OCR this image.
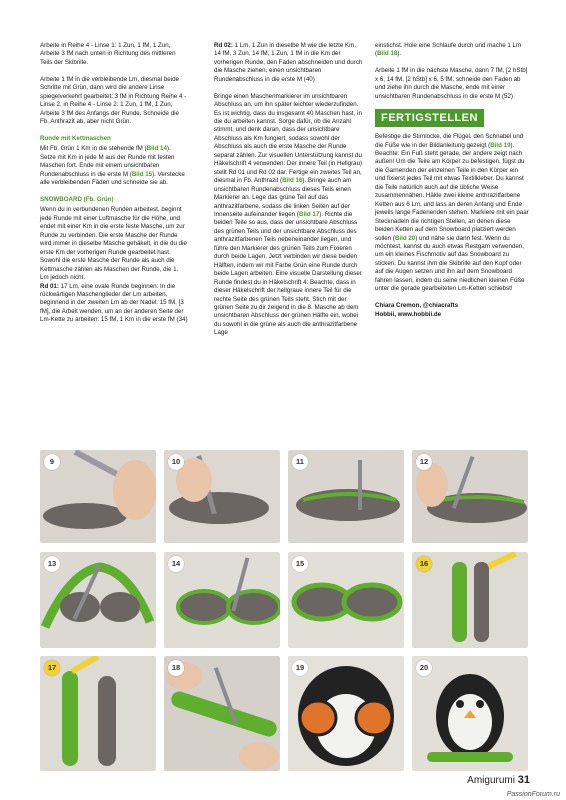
Arbeite in Reihe 4 - Linse 1: 1 Zun, 1 fM, 1 Zun, Arbeite 3 fM nach unten in Richtung des mittleren Teils der Skibrille.

Arbeite 1 fM in die verbleibende Lm, diesmal beide Schritte mit Grün, dann wird die andere Linse spiegelverkehrt gearbeitet: 3 fM in Richtung Reihe 4 - Linse 2, in Reihe 4 - Linse 2: 1 Zun, 1 fM, 1 Zun, Arbeite 3 fM des Anfangs der Runde. Schneide die Fb. Anthrazit ab, aber nicht Grün.

Runde mit Kettmaschen

Mit Fb. Grün 1 Km in die stehende fM (Bild 14). Setze mit Km in jede M aus der Runde mit festen Maschen fort. Ende mit einem unsichtbaren Rundenabschluss in die erste M (Bild 15). Verstecke alle verbleibenden Fäden und schneide sie ab.

SNOWBOARD (Fb. Grün)

Wenn du in verbundenen Runden arbeitest, beginnt jede Runde mit einer Luftmasche für die Höhe, und endet mit einer Km in die erste feste Masche, um zur Runde zu verbinden. Die erste Masche der Runde wird immer in dieselbe Masche gehäkelt, in die du die erste Km der vorherigen Runde gearbeitet hast. Sowohl die erste Masche der Runde als auch die Kettmasche zählen als Maschen der Runde, die 1. Lm jedoch nicht.

Rd 01: 17 Lm, eine ovale Runde beginnen: In die rückwärtigen Maschenglieder der Lm arbeiten, beginnend in der zweiten Lm ab der Nadel: 15 fM, [3 fM], die Arbeit wenden, um an der anderen Seite der Lm-Kette zu arbeiten: 15 fM, 1 Km in die erste fM (34)

Rd 02: 1 Lm, 1 Zun in dieselbe M wie die letzte Km, 14 fM, 3 Zun, 14 fM, 1 Zun, 1 fM in die Km der vorherigen Runde, den Faden abschneiden und durch die Masche ziehen, einen unsichtbaren Rundenabschluss in die erste M (40)

Bringe einen Maschenmarkierer im unsichtbaren Abschluss an, um ihn später leichter wiederzufinden. Es ist wichtig, dass du insgesamt 40 Maschen hast, in die du arbeiten kannst. Sorge dafür, ob die Anzahl stimmt, und denk daran, dass der unsichtbare Abschluss als Km fungiert, sodass sowohl der Abschluss als auch die erste Masche der Runde separat zählen. Zur visuellen Unterstützung kannst du Häkelschrift 4 verwenden: Der innere Teil (in Hellgrau) stellt Rd 01 und Rd 02 dar. Fertige ein zweites Teil an, diesmal in Fb. Anthrazit (Bild 16). Bringe auch am unsichtbaren Rundenabschluss dieses Teils einen Markierer an. Lege das grüne Teil auf das anthrazitfarbene, sodass die linken Seiten auf der Innenseite aufeinander liegen (Bild 17). Richte die beiden Teile so aus, dass der unsichtbare Abschluss des grünen Teils und der unsichtbare Abschluss des anthrazitfarbenen Teils nebeneinander liegen, und führe den Markierer des grünen Teils zum Fixieren durch beide Lagen. Jetzt verbinden wir diese beiden Hälften, indem wir mit Farbe Grün eine Runde durch beide Lagen arbeiten. Eine visuelle Darstellung dieser Runde findest du in Häkelschrift 4: Beachte, dass in dieser Häkelschrift der hellgraue innere Teil für die rechte Seite des grünen Teils steht. Stich mit der grünen Seite zu dir zeigend in die 8. Masche ab dem unsichtbaren Abschluss der grünen Hälfte ein, wobei du sowohl in die grüne als auch die anthrazitfarbene Lage

einstichst. Hole eine Schlaufe durch und mache 1 Lm (Bild 18).

Arbeite 1 fM in die nächste Masche, dann 7 fM, [2 hStb] x 6, 14 fM, [2 hStb] x 6, 5 fM, schneide den Faden ab und ziehe ihn durch die Masche, ende mit einer unsichtbaren Rundenabschluss in die erste M (52)

FERTIGSTELLEN

Befestige die Stirnlocke, die Flügel, den Schnabel und die Füße wie in der Bildanleitung gezeigt (Bild 19). Beachte: Ein Fuß steht gerade, der andere zeigt nach außen! Um die Teile am Körper zu befestigen, fügst du die Garnenden der einzelnen Teile in den Körper ein und fixierst jedes Teil mit etwas Textilkleber. Du kannst die Teile natürlich auch auf die übliche Weise zusammennähen. Häkle zwei kleine anthrazitfarbene Ketten aus 6 Lm, und lass an deren Anfang und Ende jeweils lange Fadenenden stehen. Markiere mit ein paar Stecknadeln die richtigen Stellen, an denen diese beiden Ketten auf dem Snowboard platziert werden sollen (Bild 20) und nähe sie dann fest. Wenn du möchtest, kannst du auch etwas Restgarn verwenden, um ein kleines Fischmotiv auf das Snowboard zu sticken. Du kannst ihm die Skibrille auf den Kopf oder auf die Augen setzen und ihn auf dem Snowboard fahren lassen, indem du seine niedlichen kleinen Füße unter die gerade gearbeiteten Lm-Ketten schiebst!

Chiara Cremon, @chiacrafts
Hobbii, www.hobbii.de
9	10	11	12
13	14	15	16
17	18	19	20
Amigurumi 31
PassionForum.ru
